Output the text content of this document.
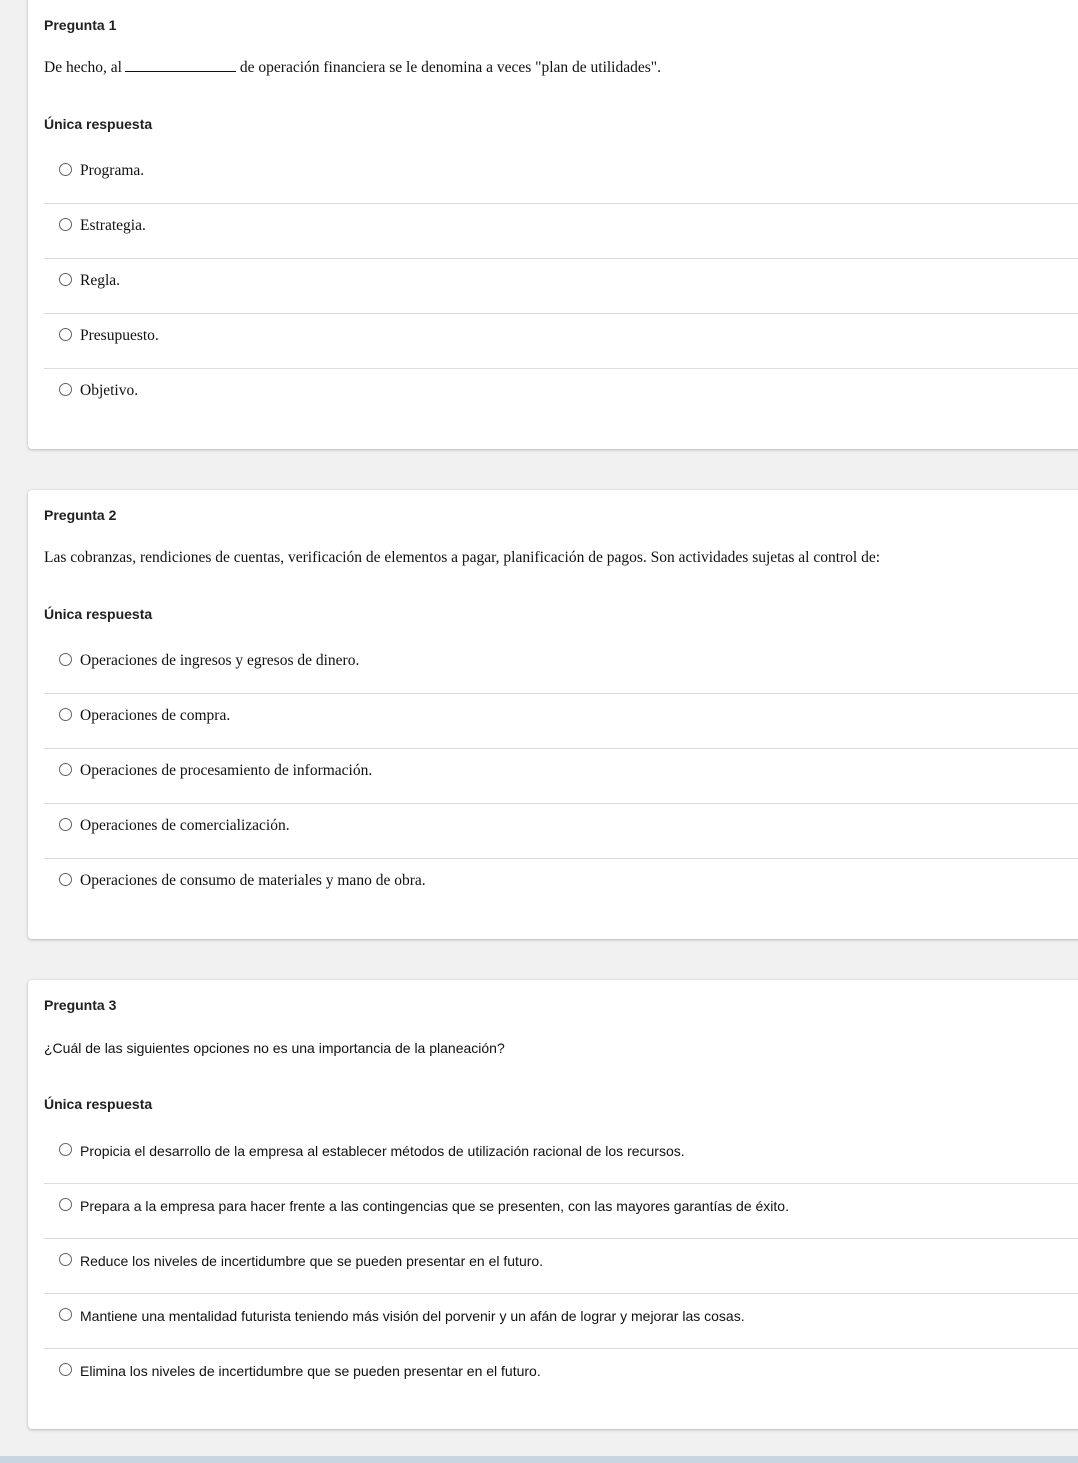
Pregunta 1
De hecho, al	de operación financiera se le denomina a veces "plan de utilidades".
Única respuesta
Programa.
Estrategia.
Regla.
Presupuesto.
Objetivo.
Pregunta 2
Las cobranzas, rendiciones de cuentas, verificación de elementos a pagar, planificación de pagos. Son actividades sujetas al control de:
Única respuesta
Operaciones de ingresos y egresos de dinero.
Operaciones de compra.
Operaciones de procesamiento de información.
Operaciones de comercialización.
Operaciones de consumo de materiales y mano de obra.
Pregunta 3
¿Cuál de las siguientes opciones no es una importancia de la planeación?
Única respuesta
Propicia el desarrollo de la empresa al establecer métodos de utilización racional de los recursos.
Prepara a la empresa para hacer frente a las contingencias que se presenten, con las mayores garantías de éxito.
Reduce los niveles de incertidumbre que se pueden presentar en el futuro.
Mantiene una mentalidad futurista teniendo más visión del porvenir y un afán de lograr y mejorar las cosas.
Elimina los niveles de incertidumbre que se pueden presentar en el futuro.
